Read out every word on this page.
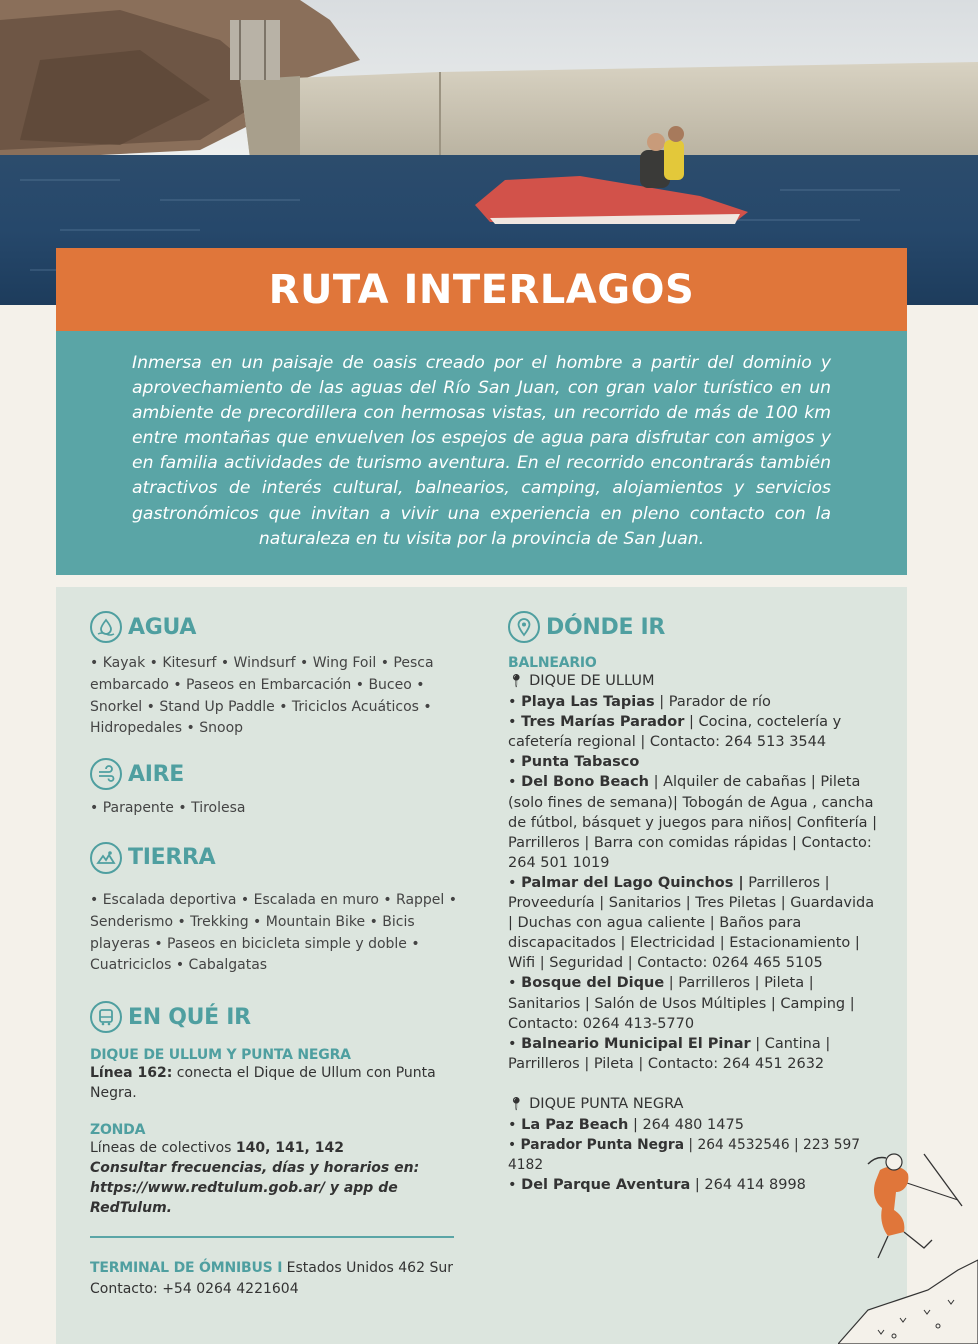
RUTA INTERLAGOS

Inmersa en un paisaje de oasis creado por el hombre a partir del dominio y aprovechamiento de las aguas del Río San Juan, con gran valor turístico en un ambiente de precordillera con hermosas vistas, un recorrido de más de 100 km entre montañas que envuelven los espejos de agua para disfrutar con amigos y en familia actividades de turismo aventura. En el recorrido encontrarás también atractivos de interés cultural, balnearios, camping, alojamientos y servicios gastronómicos que invitan a vivir una experiencia en pleno contacto con la naturaleza en tu visita por la provincia de San Juan.

AGUA

• Kayak • Kitesurf • Windsurf • Wing Foil • Pesca embarcado • Paseos en Embarcación • Buceo • Snorkel • Stand Up Paddle • Triciclos Acuáticos • Hidropedales • Snoop

AIRE

• Parapente • Tirolesa

TIERRA

• Escalada deportiva • Escalada en muro • Rappel • Senderismo • Trekking • Mountain Bike • Bicis playeras • Paseos en bicicleta simple y doble • Cuatriciclos • Cabalgatas

EN QUÉ IR

DIQUE DE ULLUM Y PUNTA NEGRA

Línea 162: conecta el Dique de Ullum con Punta Negra.

ZONDA

Líneas de colectivos 140, 141, 142

Consultar frecuencias, días y horarios en: https://www.redtulum.gob.ar/ y app de RedTulum.

TERMINAL DE ÓMNIBUS I Estados Unidos 462 Sur

Contacto: +54 0264 4221604

DÓNDE IR

BALNEARIO

📍︎ DIQUE DE ULLUM

• Playa Las Tapias | Parador de río

• Tres Marías Parador | Cocina, coctelería y cafetería regional | Contacto: 264 513 3544

• Punta Tabasco

• Del Bono Beach | Alquiler de cabañas | Pileta (solo fines de semana)| Tobogán de Agua , cancha de fútbol, básquet y juegos para niños| Confitería | Parrilleros | Barra con comidas rápidas | Contacto: 264 501 1019

• Palmar del Lago Quinchos | Parrilleros | Proveeduría | Sanitarios | Tres Piletas | Guardavida | Duchas con agua caliente | Baños para discapacitados | Electricidad | Estacionamiento | Wifi | Seguridad | Contacto: 0264 465 5105

• Bosque del Dique | Parrilleros | Pileta | Sanitarios | Salón de Usos Múltiples | Camping | Contacto: 0264 413-5770

• Balneario Municipal El Pinar | Cantina | Parrilleros | Pileta | Contacto: 264 451 2632

📍︎ DIQUE PUNTA NEGRA

• La Paz Beach | 264 480 1475

• Parador Punta Negra | 264 4532546 | 223 597 4182

• Del Parque Aventura | 264 414 8998
